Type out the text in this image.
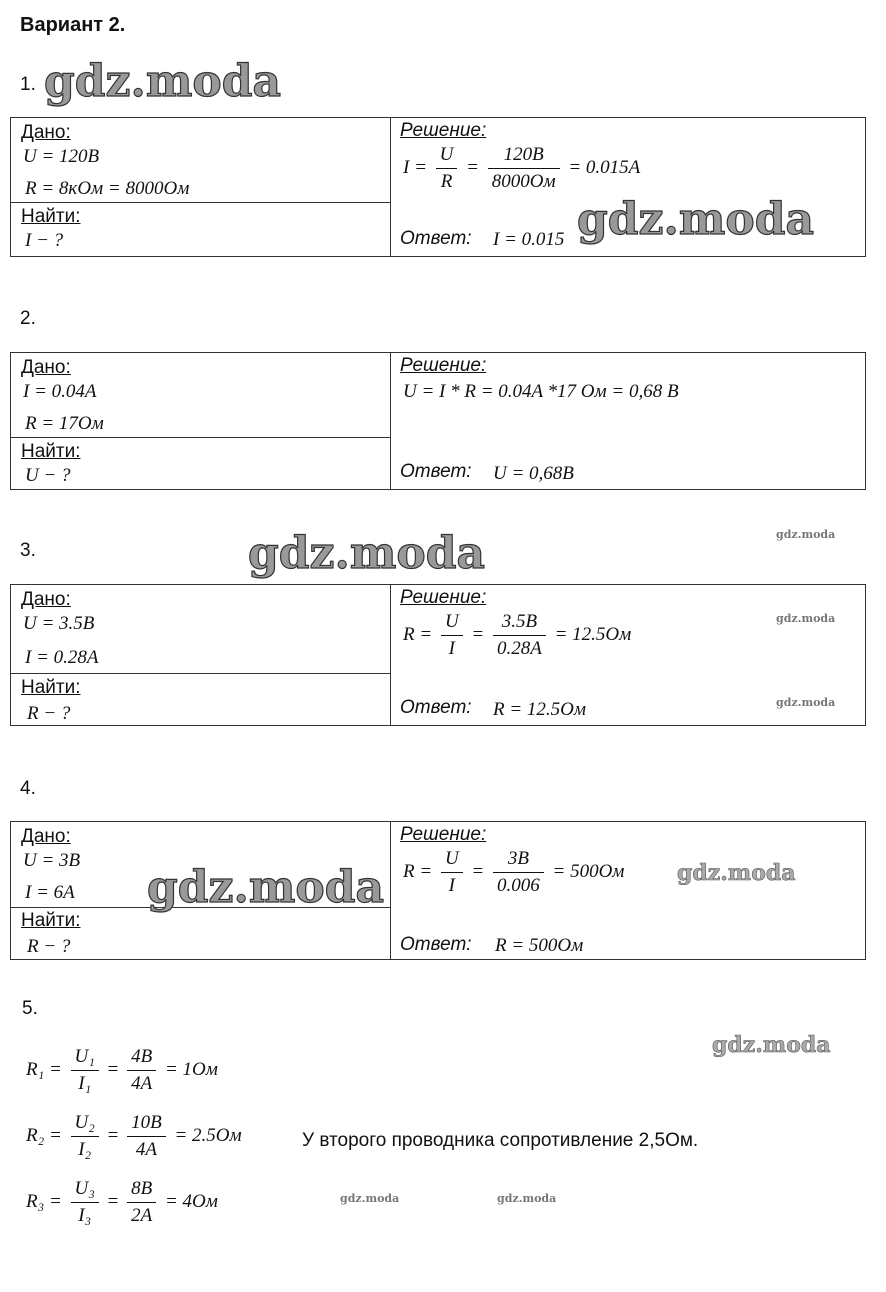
Вариант 2.
1. gdz.moda
Дано:
U = 120B
R = 8кОм = 8000Ом
Найти:
I − ?
Решение:
$I = \frac{U}{R} = \frac{120B}{8000Ом} = 0.015A$
Ответ: I = 0.015 gdz.moda
2.
Дано:
I = 0.04A
R = 17Ом
Найти:
U − ?
Решение:
U = I * R = 0.04A *17 Ом = 0,68 В
Ответ: U = 0,68B
3.	gdz.moda	gdz.moda
Дано:
U = 3.5B
I = 0.28A
Найти:
R − ?
Решение:
$R = \frac{U}{I} = \frac{3.5B}{0.28A} = 12.5Ом$
Ответ: R = 12.5Ом
gdz.moda
gdz.moda
4.
Дано:
U = 3B
I = 6A
Найти:
R − ?
Решение:
$R = \frac{U}{I} = \frac{3B}{0.006} = 500Ом$
Ответ: R = 500Ом
gdz.moda	gdz.moda
5.
gdz.moda
$R_1 = \frac{\text{U₁}}{\text{I₁}} = \frac{4B}{4A} = 1Ом$
$R_2 = \frac{\text{U₂}}{\text{I₂}} = \frac{10B}{4A} = 2.5Ом$	У второго проводника сопротивление 2,5Ом.
$R_3 = \frac{\text{U₃}}{\text{I₃}} = \frac{8B}{2A} = 4Ом$	gdz.moda	gdz.moda
